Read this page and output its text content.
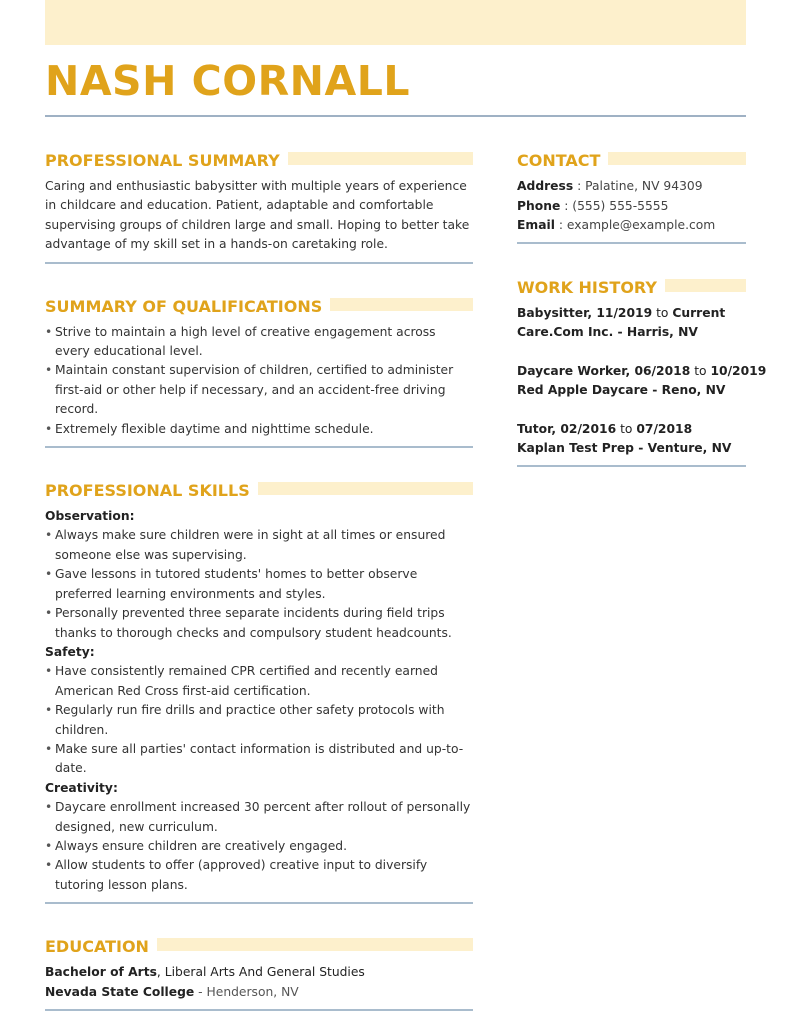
NASH CORNALL
PROFESSIONAL SUMMARY

Caring and enthusiastic babysitter with multiple years of experience in childcare and education. Patient, adaptable and comfortable supervising groups of children large and small. Hoping to better take advantage of my skill set in a hands-on caretaking role.

SUMMARY OF QUALIFICATIONS
• Strive to maintain a high level of creative engagement across every educational level.
• Maintain constant supervision of children, certified to administer first-aid or other help if necessary, and an accident-free driving record.
• Extremely flexible daytime and nighttime schedule.
PROFESSIONAL SKILLS
Observation:
• Always make sure children were in sight at all times or ensured someone else was supervising.
• Gave lessons in tutored students' homes to better observe preferred learning environments and styles.
• Personally prevented three separate incidents during field trips thanks to thorough checks and compulsory student headcounts.
Safety:
• Have consistently remained CPR certified and recently earned American Red Cross first-aid certification.
• Regularly run fire drills and practice other safety protocols with children.
• Make sure all parties' contact information is distributed and up-to-date.
Creativity:
• Daycare enrollment increased 30 percent after rollout of personally designed, new curriculum.
• Always ensure children are creatively engaged.
• Allow students to offer (approved) creative input to diversify tutoring lesson plans.
EDUCATION
Bachelor of Arts, Liberal Arts And General Studies
Nevada State College - Henderson, NV
CONTACT
Address : Palatine, NV 94309
Phone : (555) 555-5555
Email : example@example.com
WORK HISTORY
Babysitter, 11/2019 to Current
Care.Com Inc. - Harris, NV
Daycare Worker, 06/2018 to 10/2019
Red Apple Daycare - Reno, NV
Tutor, 02/2016 to 07/2018
Kaplan Test Prep - Venture, NV
